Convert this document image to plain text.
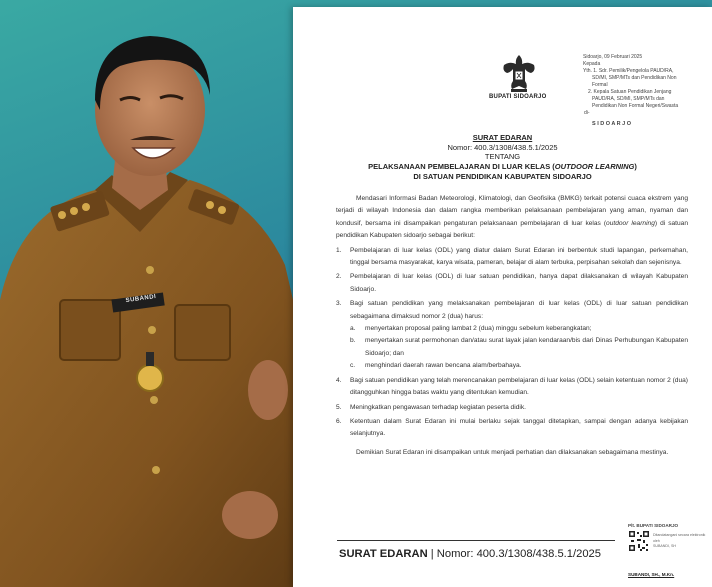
SUBANDI
BUPATI SIDOARJO
Sidoarjo, 09 Februari 2025
Kepada
Yth. 1. Sdr. Pemilik/Pengelola PAUD/RA,
SD/MI, SMP/MTs dan Pendidikan Non
Formal
2. Kepala Satuan Pendidikan Jenjang
PAUD/RA, SD/MI, SMP/MTs dan
Pendidikan Non Formal Negeri/Swasta
di-
S I D O A R J O
SURAT EDARAN
Nomor: 400.3/1308/438.5.1/2025
TENTANG
PELAKSANAAN PEMBELAJARAN DI LUAR KELAS (OUTDOOR LEARNING)
DI SATUAN PENDIDIKAN KABUPATEN SIDOARJO

Mendasari Informasi Badan Meteorologi, Klimatologi, dan Geofisika (BMKG) terkait potensi cuaca ekstrem yang terjadi di wilayah Indonesia dan dalam rangka memberikan pelaksanaan pembelajaran yang aman, nyaman dan kondusif, bersama ini disampaikan pengaturan pelaksanaan pembelajaran di luar kelas (outdoor learning) di satuan pendidikan Kabupaten sidoarjo sebagai berikut:

1. Pembelajaran di luar kelas (ODL) yang diatur dalam Surat Edaran ini berbentuk studi lapangan, perkemahan, tinggal bersama masyarakat, karya wisata, pameran, belajar di alam terbuka, perpisahan sekolah dan sejenisnya.
2. Pembelajaran di luar kelas (ODL) di luar satuan pendidikan, hanya dapat dilaksanakan di wilayah Kabupaten Sidoarjo.
3. Bagi satuan pendidikan yang melaksanakan pembelajaran di luar kelas (ODL) di luar satuan pendidikan sebagaimana dimaksud nomor 2 (dua) harus:
a. menyertakan proposal paling lambat 2 (dua) minggu sebelum keberangkatan;
b. menyertakan surat permohonan dan/atau surat layak jalan kendaraan/bis dari Dinas Perhubungan Kabupaten Sidoarjo; dan
c. menghindari daerah rawan bencana alam/berbahaya.
4. Bagi satuan pendidikan yang telah merencanakan pembelajaran di luar kelas (ODL) selain ketentuan nomor 2 (dua) ditangguhkan hingga batas waktu yang ditentukan kemudian.
5. Meningkatkan pengawasan terhadap kegiatan peserta didik.
6. Ketentuan dalam Surat Edaran ini mulai berlaku sejak tanggal ditetapkan, sampai dengan adanya kebijakan selanjutnya.

Demikian Surat Edaran ini disampaikan untuk menjadi perhatian dan dilaksanakan sebagaimana mestinya.

Plt. BUPATI SIDOARJO
Ditandatangani secara elektronik oleh
SUBANDI, SH
SUBANDI, SH., M.Kn.
SURAT EDARAN | Nomor: 400.3/1308/438.5.1/2025
